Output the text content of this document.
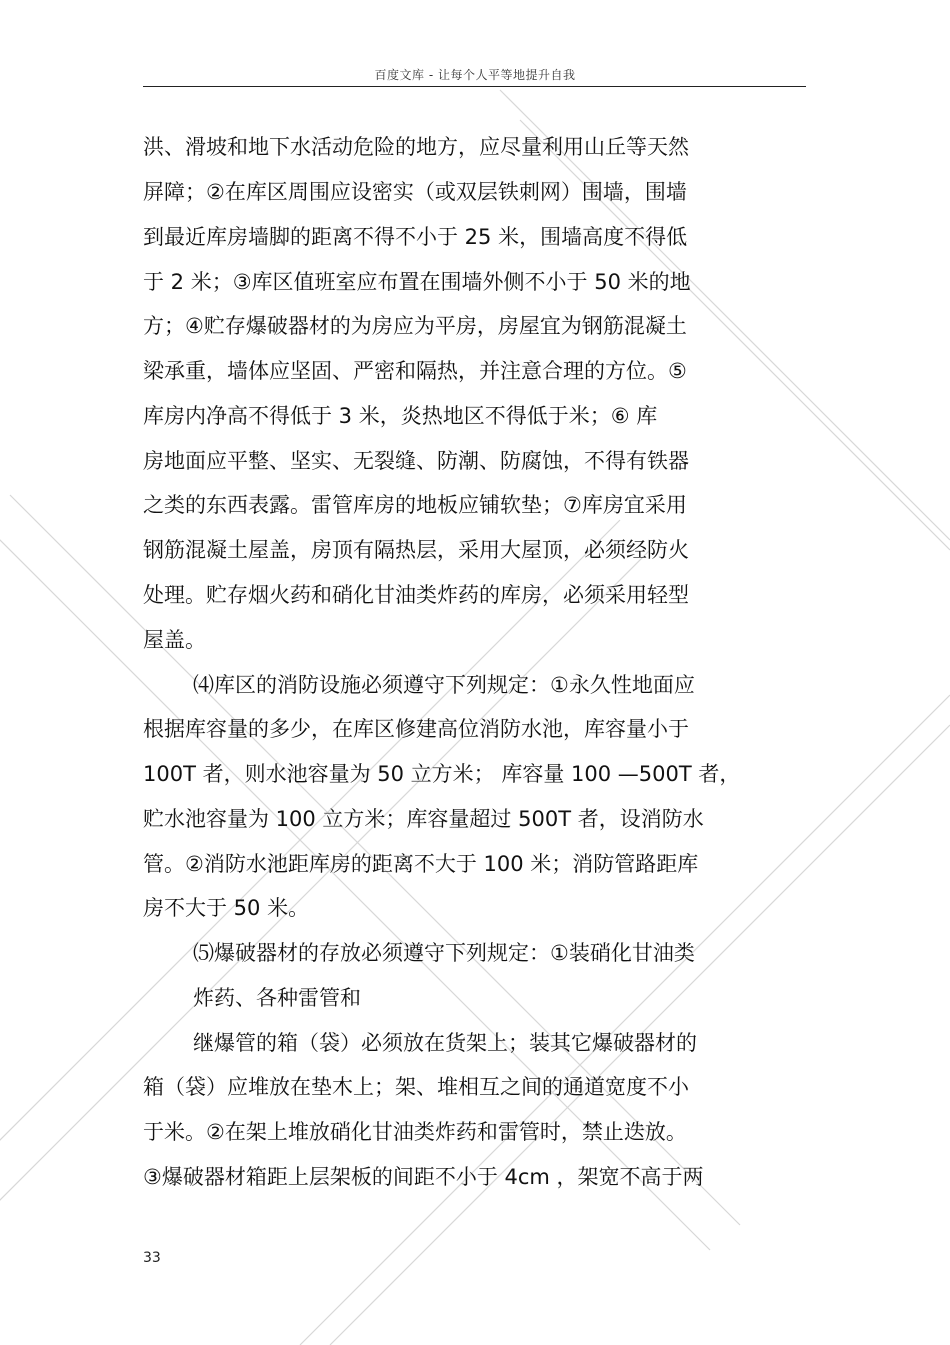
百度文库 - 让每个人平等地提升自我
洪、滑坡和地下水活动危险的地方，应尽量利用山丘等天然
屏障；②在库区周围应设密实（或双层铁刺网）围墙，围墙
到最近库房墙脚的距离不得不小于 25 米，围墙高度不得低
于 2 米；③库区值班室应布置在围墙外侧不小于 50 米的地
方；④贮存爆破器材的为房应为平房，房屋宜为钢筋混凝土
梁承重，墙体应坚固、严密和隔热，并注意合理的方位。⑤
库房内净高不得低于 3 米，炎热地区不得低于米；⑥ 库
房地面应平整、坚实、无裂缝、防潮、防腐蚀，不得有铁器
之类的东西表露。雷管库房的地板应铺软垫；⑦库房宜采用
钢筋混凝土屋盖，房顶有隔热层，采用大屋顶，必须经防火
处理。贮存烟火药和硝化甘油类炸药的库房，必须采用轻型
屋盖。
⑷库区的消防设施必须遵守下列规定：①永久性地面应
根据库容量的多少，在库区修建高位消防水池，库容量小于
100T 者，则水池容量为 50 立方米； 库容量 100 —500T 者，
贮水池容量为 100 立方米；库容量超过 500T 者，设消防水
管。②消防水池距库房的距离不大于 100 米；消防管路距库
房不大于 50 米。
⑸爆破器材的存放必须遵守下列规定：①装硝化甘油类
炸药、各种雷管和
继爆管的箱（袋）必须放在货架上；装其它爆破器材的
箱（袋）应堆放在垫木上；架、堆相互之间的通道宽度不小
于米。②在架上堆放硝化甘油类炸药和雷管时，禁止迭放。
③爆破器材箱距上层架板的间距不小于 4cm ，架宽不高于两
33
